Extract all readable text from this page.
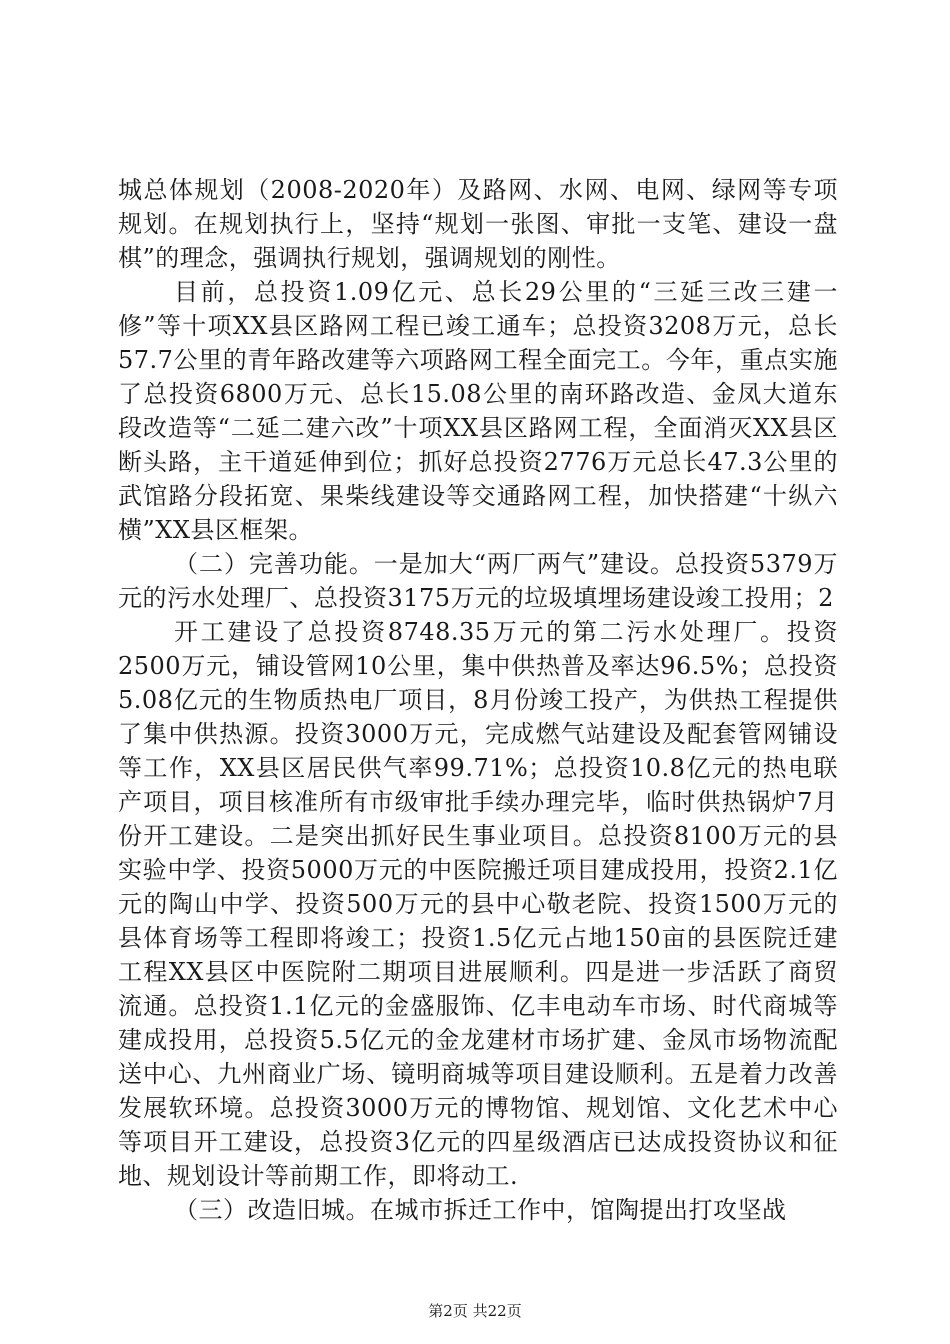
城总体规划（2008-2020年）及路网、水网、电网、绿网等专项规划。在规划执行上，坚持“规划一张图、审批一支笔、建设一盘棋”的理念，强调执行规划，强调规划的刚性。

目前，总投资1.09亿元、总长29公里的“三延三改三建一修”等十项XX县区路网工程已竣工通车；总投资3208万元，总长57.7公里的青年路改建等六项路网工程全面完工。今年，重点实施了总投资6800万元、总长15.08公里的南环路改造、金凤大道东段改造等“二延二建六改”十项XX县区路网工程，全面消灭XX县区断头路，主干道延伸到位；抓好总投资2776万元总长47.3公里的武馆路分段拓宽、果柴线建设等交通路网工程，加快搭建“十纵六横”XX县区框架。

（二）完善功能。一是加大“两厂两气”建设。总投资5379万元的污水处理厂、总投资3175万元的垃圾填埋场建设竣工投用；2

开工建设了总投资8748.35万元的第二污水处理厂。投资2500万元，铺设管网10公里，集中供热普及率达96.5%；总投资5.08亿元的生物质热电厂项目，8月份竣工投产，为供热工程提供了集中供热源。投资3000万元，完成燃气站建设及配套管网铺设等工作，XX县区居民供气率99.71%；总投资10.8亿元的热电联产项目，项目核准所有市级审批手续办理完毕，临时供热锅炉7月份开工建设。二是突出抓好民生事业项目。总投资8100万元的县实验中学、投资5000万元的中医院搬迁项目建成投用，投资2.1亿元的陶山中学、投资500万元的县中心敬老院、投资1500万元的县体育场等工程即将竣工；投资1.5亿元占地150亩的县医院迁建工程XX县区中医院附二期项目进展顺利。四是进一步活跃了商贸流通。总投资1.1亿元的金盛服饰、亿丰电动车市场、时代商城等建成投用，总投资5.5亿元的金龙建材市场扩建、金凤市场物流配送中心、九州商业广场、镜明商城等项目建设顺利。五是着力改善发展软环境。总投资3000万元的博物馆、规划馆、文化艺术中心等项目开工建设，总投资3亿元的四星级酒店已达成投资协议和征地、规划设计等前期工作，即将动工.

（三）改造旧城。在城市拆迁工作中，馆陶提出打攻坚战

第2页 共22页
